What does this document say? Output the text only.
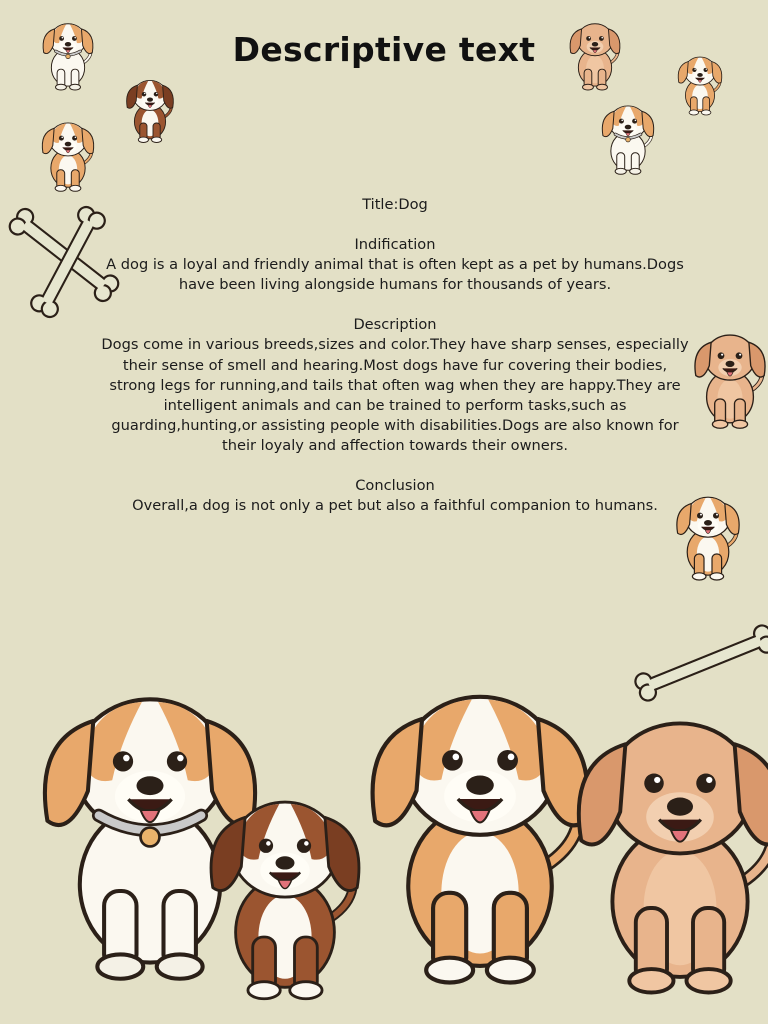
Descriptive text

Title:Dog

Indification

A dog is a loyal and friendly animal that is often kept as a pet by humans.Dogs have been living alongside humans for thousands of years.

Description

Dogs come in various breeds,sizes and color.They have sharp senses, especially their sense of smell and hearing.Most dogs have fur covering their bodies, strong legs for running,and tails that often wag when they are happy.They are intelligent animals and can be trained to perform tasks,such as guarding,hunting,or assisting people with disabilities.Dogs are also known for their loyaly and affection towards their owners.

Conclusion

Overall,a dog is not only a pet but also a faithful companion to humans.
